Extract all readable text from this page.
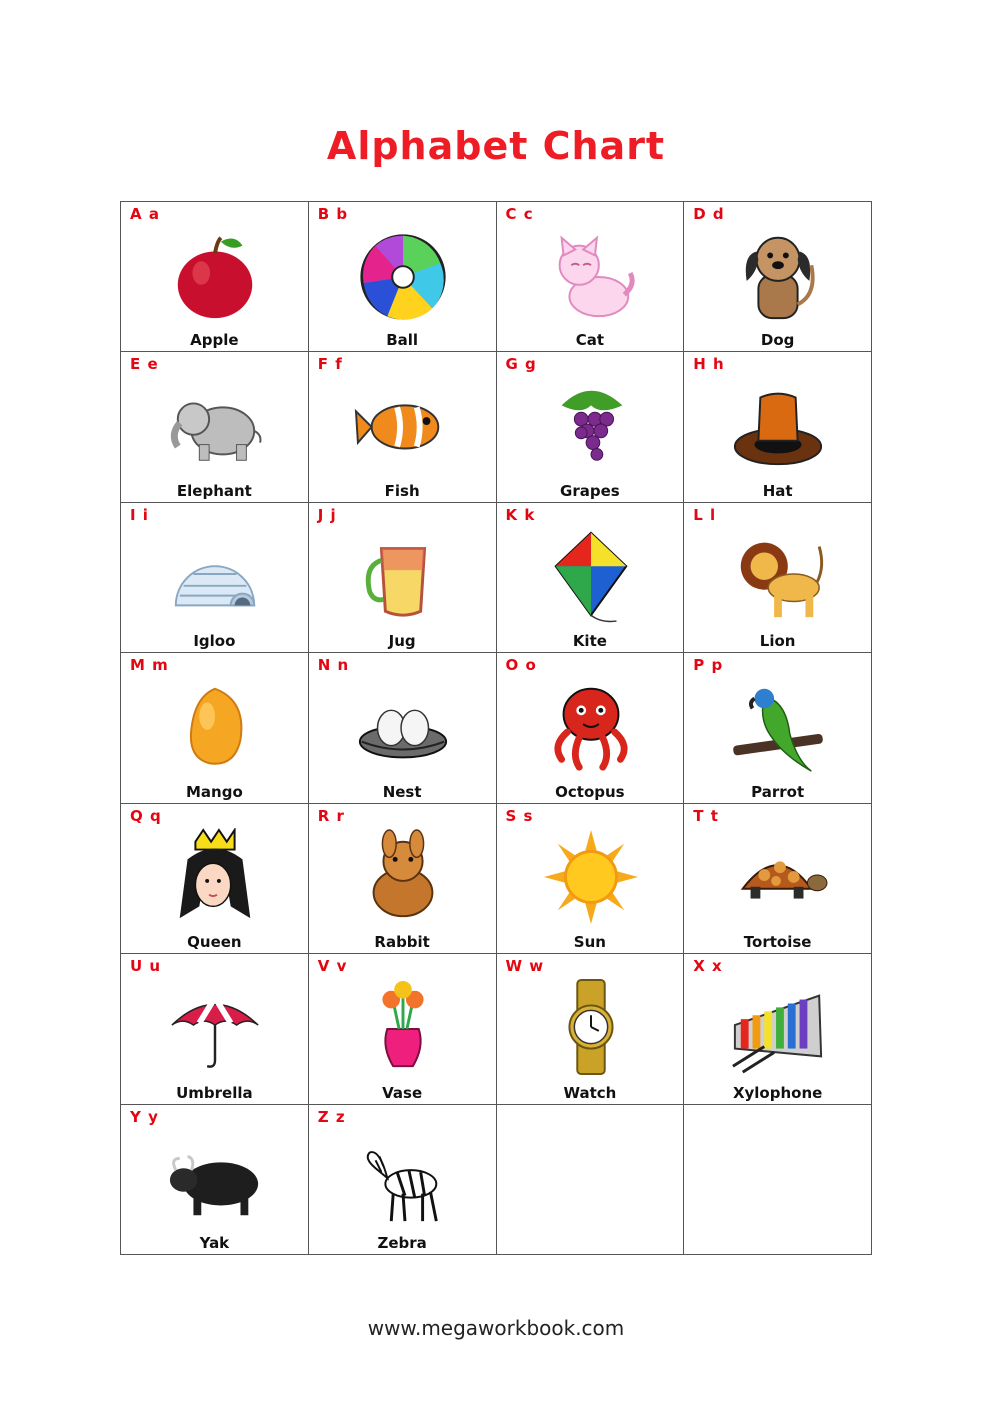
Alphabet Chart
A a
Apple
B b
Ball
C c
Cat
D d
Dog
E e
Elephant
F f
Fish
G g
Grapes
H h
Hat
I i
Igloo
J j
Jug
K k
Kite
L l
Lion
M m
Mango
N n
Nest
O o
Octopus
P p
Parrot
Q q
Queen
R r
Rabbit
S s
Sun
T t
Tortoise
U u
Umbrella
V v
Vase
W w
Watch
X x
Xylophone
Y y
Yak
Z z
Zebra
www.megaworkbook.com
